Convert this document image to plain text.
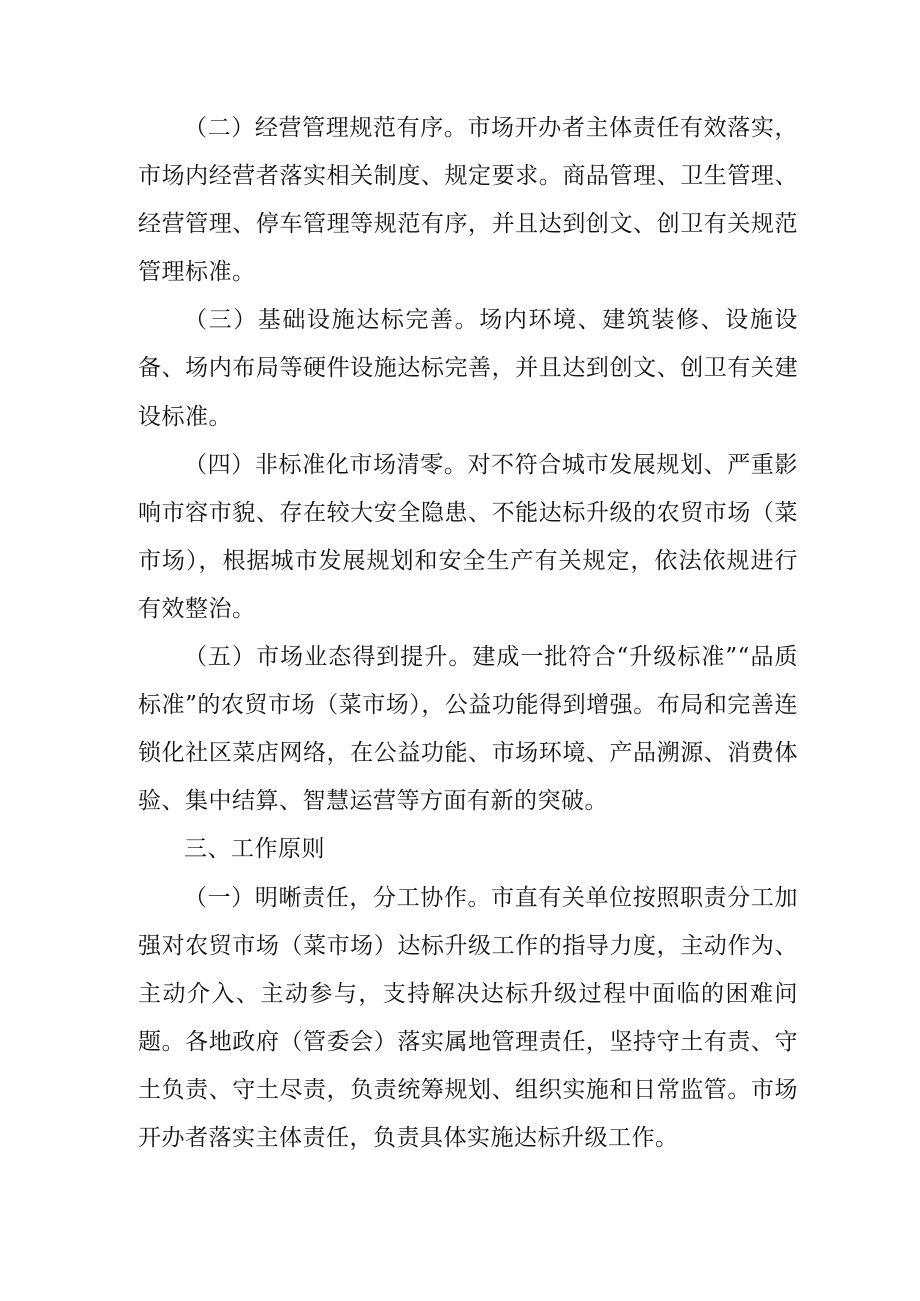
（二）经营管理规范有序。市场开办者主体责任有效落实，市场内经营者落实相关制度、规定要求。商品管理、卫生管理、经营管理、停车管理等规范有序，并且达到创文、创卫有关规范管理标准。

（三）基础设施达标完善。场内环境、建筑装修、设施设备、场内布局等硬件设施达标完善，并且达到创文、创卫有关建设标准。

（四）非标准化市场清零。对不符合城市发展规划、严重影响市容市貌、存在较大安全隐患、不能达标升级的农贸市场（菜市场），根据城市发展规划和安全生产有关规定，依法依规进行有效整治。

（五）市场业态得到提升。建成一批符合“升级标准”“品质标准”的农贸市场（菜市场），公益功能得到增强。布局和完善连锁化社区菜店网络，在公益功能、市场环境、产品溯源、消费体验、集中结算、智慧运营等方面有新的突破。

三、工作原则

（一）明晰责任，分工协作。市直有关单位按照职责分工加强对农贸市场（菜市场）达标升级工作的指导力度，主动作为、主动介入、主动参与，支持解决达标升级过程中面临的困难问题。各地政府（管委会）落实属地管理责任，坚持守土有责、守土负责、守土尽责，负责统筹规划、组织实施和日常监管。市场开办者落实主体责任，负责具体实施达标升级工作。
